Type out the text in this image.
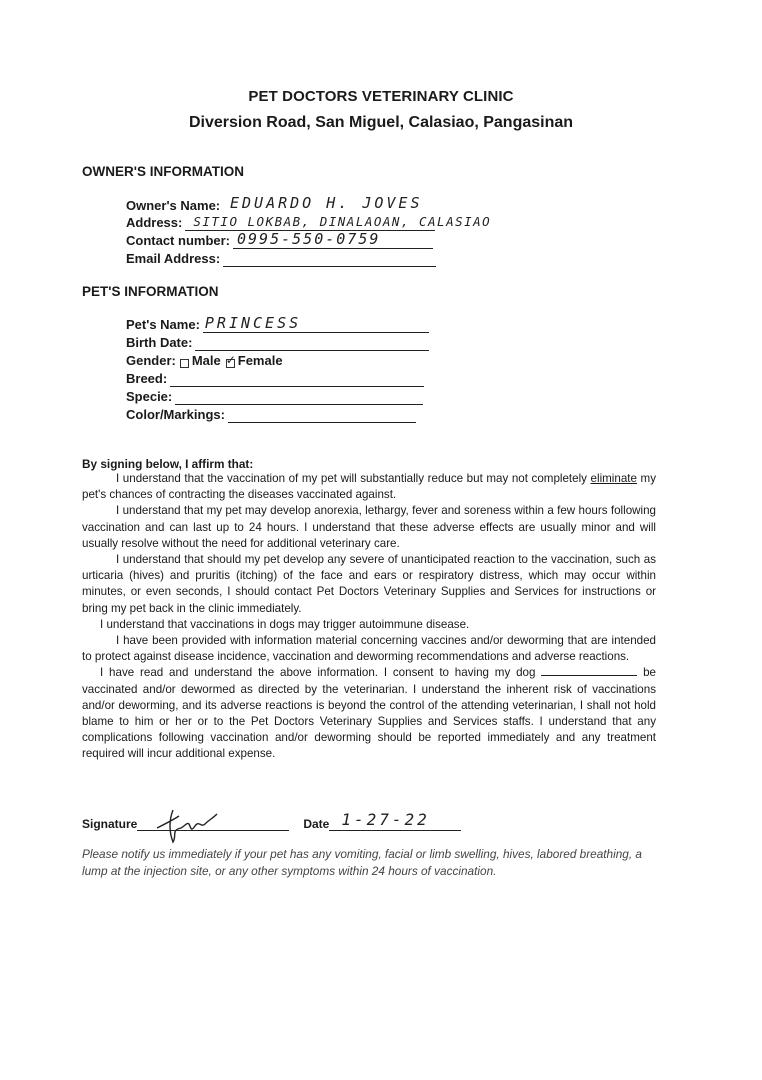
PET DOCTORS VETERINARY CLINIC
Diversion Road, San Miguel, Calasiao, Pangasinan
OWNER'S INFORMATION
Owner's Name: EDUARDO H. JOVES
Address: SITIO LOKBAB, DINALAOAN, CALASIAO
Contact number: 0995-550-0759
Email Address:
PET'S INFORMATION
Pet's Name: PRINCESS
Birth Date:
Gender: Male ✓ Female
Breed:
Specie:
Color/Markings:
By signing below, I affirm that:

I understand that the vaccination of my pet will substantially reduce but may not completely eliminate my pet's chances of contracting the diseases vaccinated against.

I understand that my pet may develop anorexia, lethargy, fever and soreness within a few hours following vaccination and can last up to 24 hours. I understand that these adverse effects are usually minor and will usually resolve without the need for additional veterinary care.

I understand that should my pet develop any severe of unanticipated reaction to the vaccination, such as urticaria (hives) and pruritis (itching) of the face and ears or respiratory distress, which may occur within minutes, or even seconds, I should contact Pet Doctors Veterinary Supplies and Services for instructions or bring my pet back in the clinic immediately.

I understand that vaccinations in dogs may trigger autoimmune disease.

I have been provided with information material concerning vaccines and/or deworming that are intended to protect against disease incidence, vaccination and deworming recommendations and adverse reactions.

I have read and understand the above information. I consent to having my dog	be vaccinated and/or dewormed as directed by the veterinarian. I understand the inherent risk of vaccinations and/or deworming, and its adverse reactions is beyond the control of the attending veterinarian, I shall not hold blame to him or her or to the Pet Doctors Veterinary Supplies and Services staffs. I understand that any complications following vaccination and/or deworming should be reported immediately and any treatment required will incur additional expense.

Signature	Date 1-27-22
Please notify us immediately if your pet has any vomiting, facial or limb swelling, hives, labored breathing, a lump at the injection site, or any other symptoms within 24 hours of vaccination.
